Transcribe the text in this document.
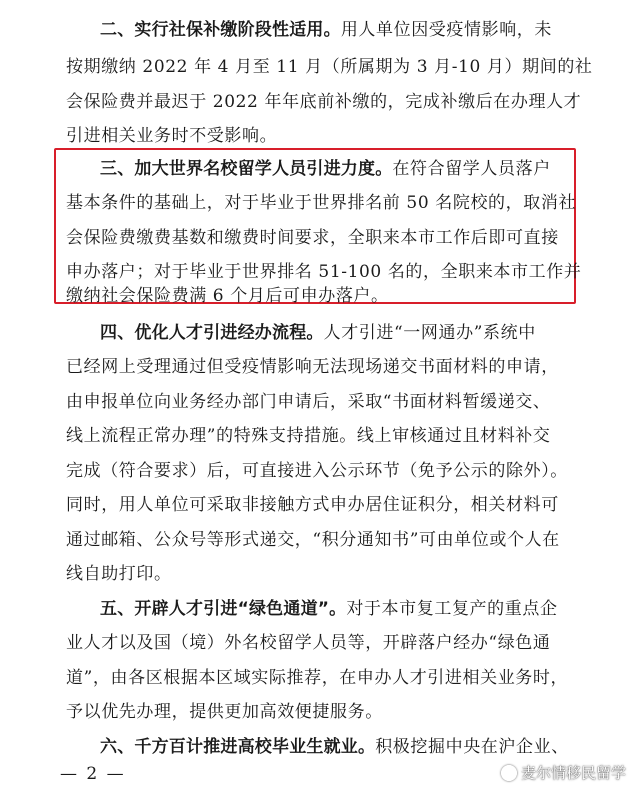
二、实行社保补缴阶段性适用。用人单位因受疫情影响，未
按期缴纳 2022 年 4 月至 11 月（所属期为 3 月-10 月）期间的社
会保险费并最迟于 2022 年年底前补缴的，完成补缴后在办理人才
引进相关业务时不受影响。
三、加大世界名校留学人员引进力度。在符合留学人员落户
基本条件的基础上，对于毕业于世界排名前 50 名院校的，取消社
会保险费缴费基数和缴费时间要求，全职来本市工作后即可直接
申办落户；对于毕业于世界排名 51-100 名的，全职来本市工作并
缴纳社会保险费满 6 个月后可申办落户。
四、优化人才引进经办流程。人才引进“一网通办”系统中
已经网上受理通过但受疫情影响无法现场递交书面材料的申请，
由申报单位向业务经办部门申请后，采取“书面材料暂缓递交、
线上流程正常办理”的特殊支持措施。线上审核通过且材料补交
完成（符合要求）后，可直接进入公示环节（免予公示的除外）。
同时，用人单位可采取非接触方式申办居住证积分，相关材料可
通过邮箱、公众号等形式递交，“积分通知书”可由单位或个人在
线自助打印。
五、开辟人才引进“绿色通道”。对于本市复工复产的重点企
业人才以及国（境）外名校留学人员等，开辟落户经办“绿色通
道”，由各区根据本区域实际推荐，在申办人才引进相关业务时，
予以优先办理，提供更加高效便捷服务。
六、千方百计推进高校毕业生就业。积极挖掘中央在沪企业、
— 2 —	麦尔情移民留学
